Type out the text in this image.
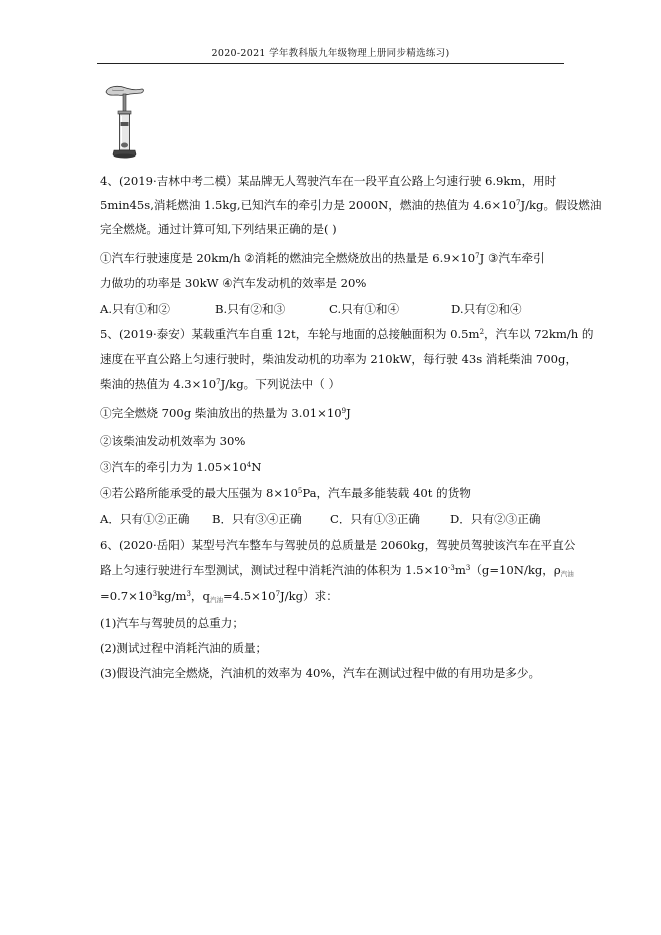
2020-2021 学年教科版九年级物理上册同步精选练习)
4、(2019·吉林中考二模）某品牌无人驾驶汽车在一段平直公路上匀速行驶 6.9km，用时
5min45s,消耗燃油 1.5kg,已知汽车的牵引力是 2000N，燃油的热值为 $4.6\times 10^7J/kg$。假设燃油
完全燃烧。通过计算可知,下列结果正确的是( )
①汽车行驶速度是 20km/h ②消耗的燃油完全燃烧放出的热量是 $6.9\times 10^7J$ ③汽车牵引
力做功的功率是 30kW ④汽车发动机的效率是 20%
A.只有①和②	B.只有②和③	C.只有①和④	D.只有②和④
5、(2019·泰安）某载重汽车自重 12t，车轮与地面的总接触面积为 $0.5m^2$，汽车以 72km/h 的
速度在平直公路上匀速行驶时，柴油发动机的功率为 210kW，每行驶 43s 消耗柴油 700g，
柴油的热值为 $4.3\times 10^7J/kg$。下列说法中（ ）
①完全燃烧 700g 柴油放出的热量为 $3.01\times 10^9J$
②该柴油发动机效率为 30%
③汽车的牵引力为 $1.05\times 10^4N$
④若公路所能承受的最大压强为 $8\times 10^5Pa$，汽车最多能装载 40t 的货物
A．只有①②正确 B．只有③④正确 C．只有①③正确	D．只有②③正确
6、(2020·岳阳）某型号汽车整车与驾驶员的总质量是 2060kg，驾驶员驾驶该汽车在平直公
路上匀速行驶进行车型测试，测试过程中消耗汽油的体积为 $1.5\times 10^{-3}m^3(g=10N/kg$，$\rho_{汽油}$
$=0.7\times 10^3kg/m^3$，$q_{汽油}=4.5\times 10^7J/kg$）求：
(1)汽车与驾驶员的总重力；
(2)测试过程中消耗汽油的质量；
(3)假设汽油完全燃烧，汽油机的效率为 40%，汽车在测试过程中做的有用功是多少。
